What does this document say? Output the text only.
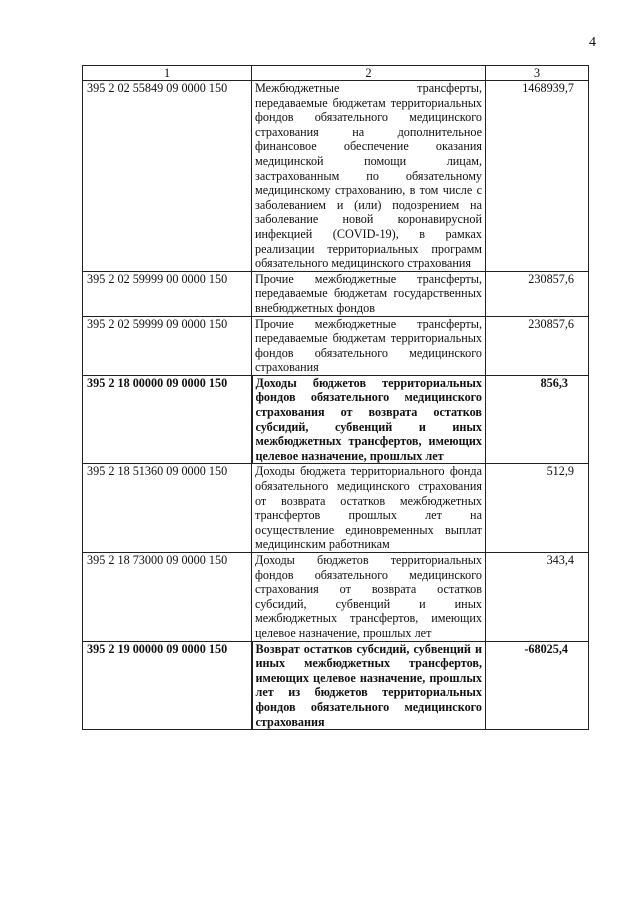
4
1	2	3
395 2 02 55849 09 0000 150	Межбюджетные трансферты, передаваемые бюджетам территориальных фондов обязательного медицинского страхования на дополнительное финансовое обеспечение оказания медицинской помощи лицам, застрахованным по обязательному медицинскому страхованию, в том числе с заболеванием и (или) подозрением на заболевание новой коронавирусной инфекцией (COVID-19), в рамках реализации территориальных программ обязательного медицинского страхования	1468939,7
395 2 02 59999 00 0000 150	Прочие межбюджетные трансферты, передаваемые бюджетам государственных внебюджетных фондов	230857,6
395 2 02 59999 09 0000 150	Прочие межбюджетные трансферты, передаваемые бюджетам территориальных фондов обязательного медицинского страхования	230857,6
395 2 18 00000 09 0000 150	Доходы бюджетов территориальных фондов обязательного медицинского страхования от возврата остатков субсидий, субвенций и иных межбюджетных трансфертов, имеющих целевое назначение, прошлых лет	856,3
395 2 18 51360 09 0000 150	Доходы бюджета территориального фонда обязательного медицинского страхования от возврата остатков межбюджетных трансфертов прошлых лет на осуществление единовременных выплат медицинским работникам	512,9
395 2 18 73000 09 0000 150	Доходы бюджетов территориальных фондов обязательного медицинского страхования от возврата остатков субсидий, субвенций и иных межбюджетных трансфертов, имеющих целевое назначение, прошлых лет	343,4
395 2 19 00000 09 0000 150	Возврат остатков субсидий, субвенций и иных межбюджетных трансфертов, имеющих целевое назначение, прошлых лет из бюджетов территориальных фондов обязательного медицинского страхования	-68025,4
